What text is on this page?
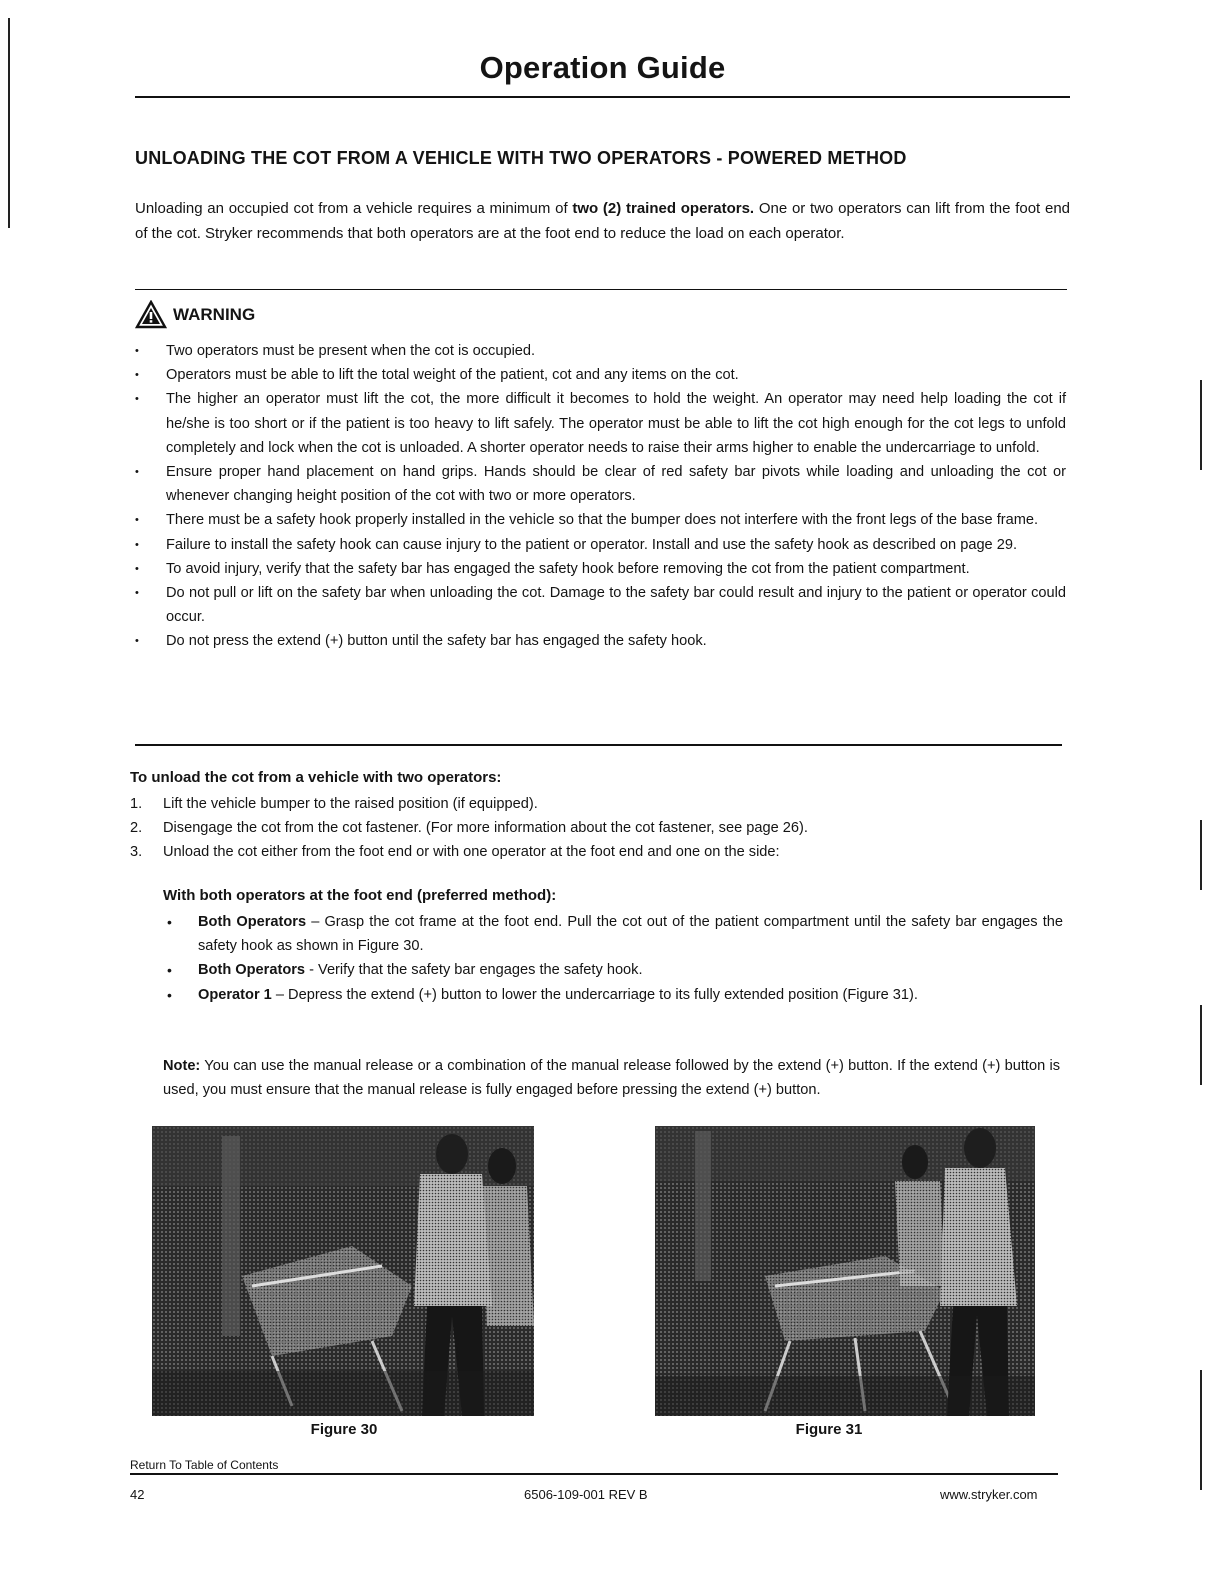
Operation Guide
UNLOADING THE COT FROM A VEHICLE WITH TWO OPERATORS - POWERED METHOD

Unloading an occupied cot from a vehicle requires a minimum of two (2) trained operators. One or two operators can lift from the foot end of the cot. Stryker recommends that both operators are at the foot end to reduce the load on each operator.

WARNING
• Two operators must be present when the cot is occupied.
• Operators must be able to lift the total weight of the patient, cot and any items on the cot.
• The higher an operator must lift the cot, the more difficult it becomes to hold the weight. An operator may need help loading the cot if he/she is too short or if the patient is too heavy to lift safely. The operator must be able to lift the cot high enough for the cot legs to unfold completely and lock when the cot is unloaded. A shorter operator needs to raise their arms higher to enable the undercarriage to unfold.
• Ensure proper hand placement on hand grips. Hands should be clear of red safety bar pivots while loading and unloading the cot or whenever changing height position of the cot with two or more operators.
• There must be a safety hook properly installed in the vehicle so that the bumper does not interfere with the front legs of the base frame.
• Failure to install the safety hook can cause injury to the patient or operator. Install and use the safety hook as described on page 29.
• To avoid injury, verify that the safety bar has engaged the safety hook before removing the cot from the patient compartment.
• Do not pull or lift on the safety bar when unloading the cot. Damage to the safety bar could result and injury to the patient or operator could occur.
• Do not press the extend (+) button until the safety bar has engaged the safety hook.
To unload the cot from a vehicle with two operators:
1. Lift the vehicle bumper to the raised position (if equipped).
2. Disengage the cot from the cot fastener. (For more information about the cot fastener, see page 26).
3. Unload the cot either from the foot end or with one operator at the foot end and one on the side:
With both operators at the foot end (preferred method):
• Both Operators – Grasp the cot frame at the foot end. Pull the cot out of the patient compartment until the safety bar engages the safety hook as shown in Figure 30.
• Both Operators - Verify that the safety bar engages the safety hook.
• Operator 1 – Depress the extend (+) button to lower the undercarriage to its fully extended position (Figure 31).

Note: You can use the manual release or a combination of the manual release followed by the extend (+) button. If the extend (+) button is used, you must ensure that the manual release is fully engaged before pressing the extend (+) button.

Figure 30	Figure 31
Return To Table of Contents
42	6506-109-001 REV B	www.stryker.com
